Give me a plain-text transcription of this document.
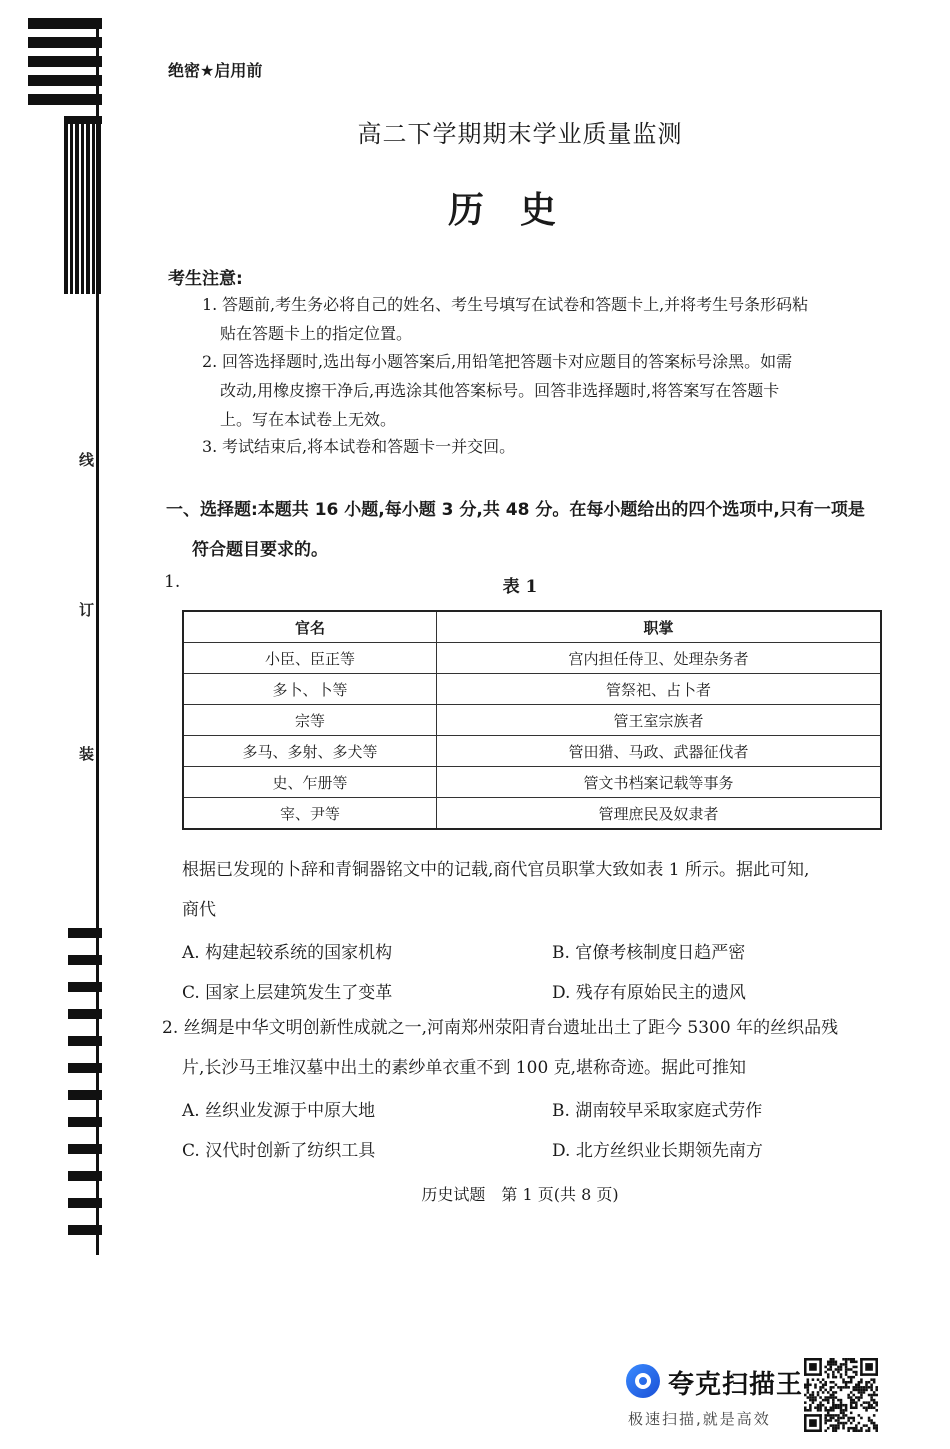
线
订
装
绝密★启用前
高二下学期期末学业质量监测
历史
考生注意:
1. 答题前,考生务必将自己的姓名、考生号填写在试卷和答题卡上,并将考生号条形码粘
贴在答题卡上的指定位置。
2. 回答选择题时,选出每小题答案后,用铅笔把答题卡对应题目的答案标号涂黑。如需
改动,用橡皮擦干净后,再选涂其他答案标号。回答非选择题时,将答案写在答题卡
上。写在本试卷上无效。
3. 考试结束后,将本试卷和答题卡一并交回。
一、选择题:本题共 16 小题,每小题 3 分,共 48 分。在每小题给出的四个选项中,只有一项是
符合题目要求的。
1.	表 1
官名	职掌
小臣、臣正等	宫内担任侍卫、处理杂务者
多卜、卜等	管祭祀、占卜者
宗等	管王室宗族者
多马、多射、多犬等	管田猎、马政、武器征伐者
史、乍册等	管文书档案记载等事务
宰、尹等	管理庶民及奴隶者
根据已发现的卜辞和青铜器铭文中的记载,商代官员职掌大致如表 1 所示。据此可知,
商代
A. 构建起较系统的国家机构	B. 官僚考核制度日趋严密
C. 国家上层建筑发生了变革	D. 残存有原始民主的遗风
2. 丝绸是中华文明创新性成就之一,河南郑州荥阳青台遗址出土了距今 5300 年的丝织品残
片,长沙马王堆汉墓中出土的素纱单衣重不到 100 克,堪称奇迹。据此可推知
A. 丝织业发源于中原大地	B. 湖南较早采取家庭式劳作
C. 汉代时创新了纺织工具	D. 北方丝织业长期领先南方
历史试题　第 1 页(共 8 页)
夸克扫描王
极速扫描,就是高效
